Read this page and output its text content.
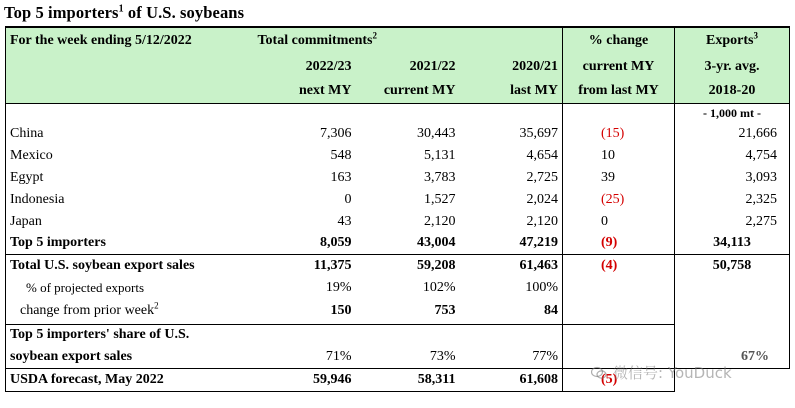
Top 5 importers$^1$ of U.S. soybeans
For the week ending 5/12/2022	Total commitments$^2$			% change	Exports$^3$
	2022/23	2021/22	2020/21	current MY	3-yr. avg.
	next MY	current MY	last MY	from last MY	2018-20
					- 1,000 mt -
China	7,306	30,443	35,697	(15)	21,666
Mexico	548	5,131	4,654	10	4,754
Egypt	163	3,783	2,725	39	3,093
Indonesia	0	1,527	2,024	(25)	2,325
Japan	43	2,120	2,120	0	2,275
Top 5 importers	8,059	43,004	47,219	(9)	34,113
Total U.S. soybean export sales	11,375	59,208	61,463	(4)	50,758
% of projected exports	19%	102%	100%		
change from prior week$^2$	150	753	84		
Top 5 importers' share of U.S.					
soybean export sales	71%	73%	77%		67%
USDA forecast, May 2022	59,946	58,311	61,608	(5)	
微信号: YouDuck
